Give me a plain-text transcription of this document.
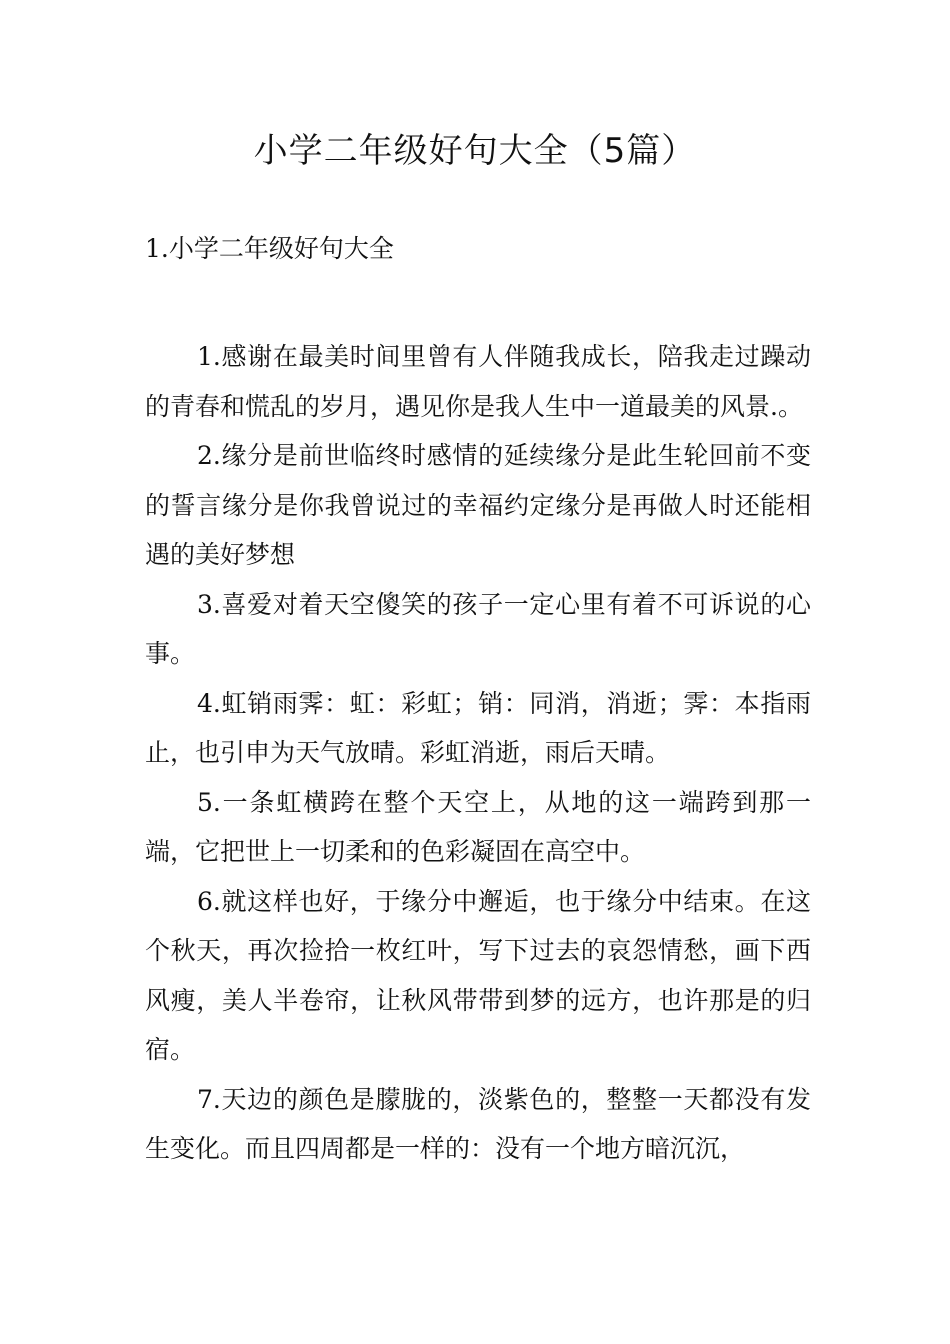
小学二年级好句大全（5篇）
1.小学二年级好句大全
1.感谢在最美时间里曾有人伴随我成长，陪我走过躁动的青春和慌乱的岁月，遇见你是我人生中一道最美的风景.。
2.缘分是前世临终时感情的延续缘分是此生轮回前不变的誓言缘分是你我曾说过的幸福约定缘分是再做人时还能相遇的美好梦想
3.喜爱对着天空傻笑的孩子一定心里有着不可诉说的心事。
4.虹销雨霁：虹：彩虹；销：同消，消逝；霁：本指雨止，也引申为天气放晴。彩虹消逝，雨后天晴。
5.一条虹横跨在整个天空上，从地的这一端跨到那一端，它把世上一切柔和的色彩凝固在高空中。
6.就这样也好，于缘分中邂逅，也于缘分中结束。在这个秋天，再次捡拾一枚红叶，写下过去的哀怨情愁，画下西风瘦，美人半卷帘，让秋风带带到梦的远方，也许那是的归宿。
7.天边的颜色是朦胧的，淡紫色的，整整一天都没有发生变化。而且四周都是一样的：没有一个地方暗沉沉，
